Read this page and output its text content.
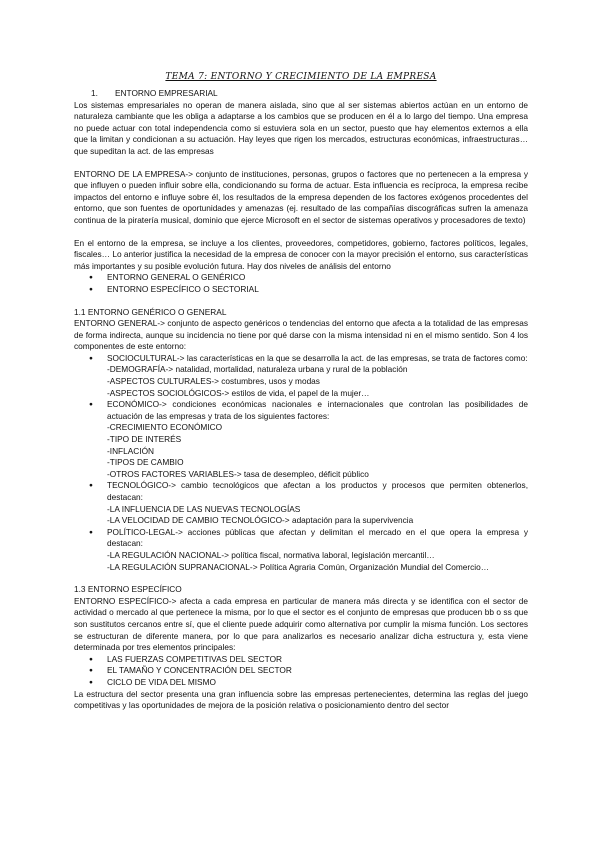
TEMA 7: ENTORNO Y CRECIMIENTO DE LA EMPRESA
1. ENTORNO EMPRESARIAL

Los sistemas empresariales no operan de manera aislada, sino que al ser sistemas abiertos actúan en un entorno de naturaleza cambiante que les obliga a adaptarse a los cambios que se producen en él a lo largo del tiempo. Una empresa no puede actuar con total independencia como si estuviera sola en un sector, puesto que hay elementos externos a ella que la limitan y condicionan a su actuación. Hay leyes que rigen los mercados, estructuras económicas, infraestructuras… que supeditan la act. de las empresas

ENTORNO DE LA EMPRESA-> conjunto de instituciones, personas, grupos o factores que no pertenecen a la empresa y que influyen o pueden influir sobre ella, condicionando su forma de actuar. Esta influencia es recíproca, la empresa recibe impactos del entorno e influye sobre él, los resultados de la empresa dependen de los factores exógenos procedentes del entorno, que son fuentes de oportunidades y amenazas (ej. resultado de las compañías discográficas sufren la amenaza continua de la piratería musical, dominio que ejerce Microsoft en el sector de sistemas operativos y procesadores de texto)

En el entorno de la empresa, se incluye a los clientes, proveedores, competidores, gobierno, factores políticos, legales, fiscales… Lo anterior justifica la necesidad de la empresa de conocer con la mayor precisión el entorno, sus características más importantes y su posible evolución futura. Hay dos niveles de análisis del entorno

● ENTORNO GENERAL O GENÉRICO
● ENTORNO ESPECÍFICO O SECTORIAL

1.1 ENTORNO GENÉRICO O GENERAL

ENTORNO GENERAL-> conjunto de aspecto genéricos o tendencias del entorno que afecta a la totalidad de las empresas de forma indirecta, aunque su incidencia no tiene por qué darse con la misma intensidad ni en el mismo sentido. Son 4 los componentes de este entorno:

● SOCIOCULTURAL-> las características en la que se desarrolla la act. de las empresas, se trata de factores como:
-DEMOGRAFÍA-> natalidad, mortalidad, naturaleza urbana y rural de la población
-ASPECTOS CULTURALES-> costumbres, usos y modas
-ASPECTOS SOCIOLÓGICOS-> estilos de vida, el papel de la mujer…
● ECONÓMICO-> condiciones económicas nacionales e internacionales que controlan las posibilidades de actuación de las empresas y trata de los siguientes factores:
-CRECIMIENTO ECONÓMICO
-TIPO DE INTERÉS
-INFLACIÓN
-TIPOS DE CAMBIO
-OTROS FACTORES VARIABLES-> tasa de desempleo, déficit público
● TECNOLÓGICO-> cambio tecnológicos que afectan a los productos y procesos que permiten obtenerlos, destacan:
-LA INFLUENCIA DE LAS NUEVAS TECNOLOGÍAS
-LA VELOCIDAD DE CAMBIO TECNOLÓGICO-> adaptación para la supervivencia
● POLÍTICO-LEGAL-> acciones públicas que afectan y delimitan el mercado en el que opera la empresa y destacan:
-LA REGULACIÓN NACIONAL-> política fiscal, normativa laboral, legislación mercantil…
-LA REGULACIÓN SUPRANACIONAL-> Política Agraria Común, Organización Mundial del Comercio…

1.3 ENTORNO ESPECÍFICO

ENTORNO ESPECÍFICO-> afecta a cada empresa en particular de manera más directa y se identifica con el sector de actividad o mercado al que pertenece la misma, por lo que el sector es el conjunto de empresas que producen bb o ss que son sustitutos cercanos entre sí, que el cliente puede adquirir como alternativa por cumplir la misma función. Los sectores se estructuran de diferente manera, por lo que para analizarlos es necesario analizar dicha estructura y, esta viene determinada por tres elementos principales:

● LAS FUERZAS COMPETITIVAS DEL SECTOR
● EL TAMAÑO Y CONCENTRACIÓN DEL SECTOR
● CICLO DE VIDA DEL MISMO

La estructura del sector presenta una gran influencia sobre las empresas pertenecientes, determina las reglas del juego competitivas y las oportunidades de mejora de la posición relativa o posicionamiento dentro del sector
